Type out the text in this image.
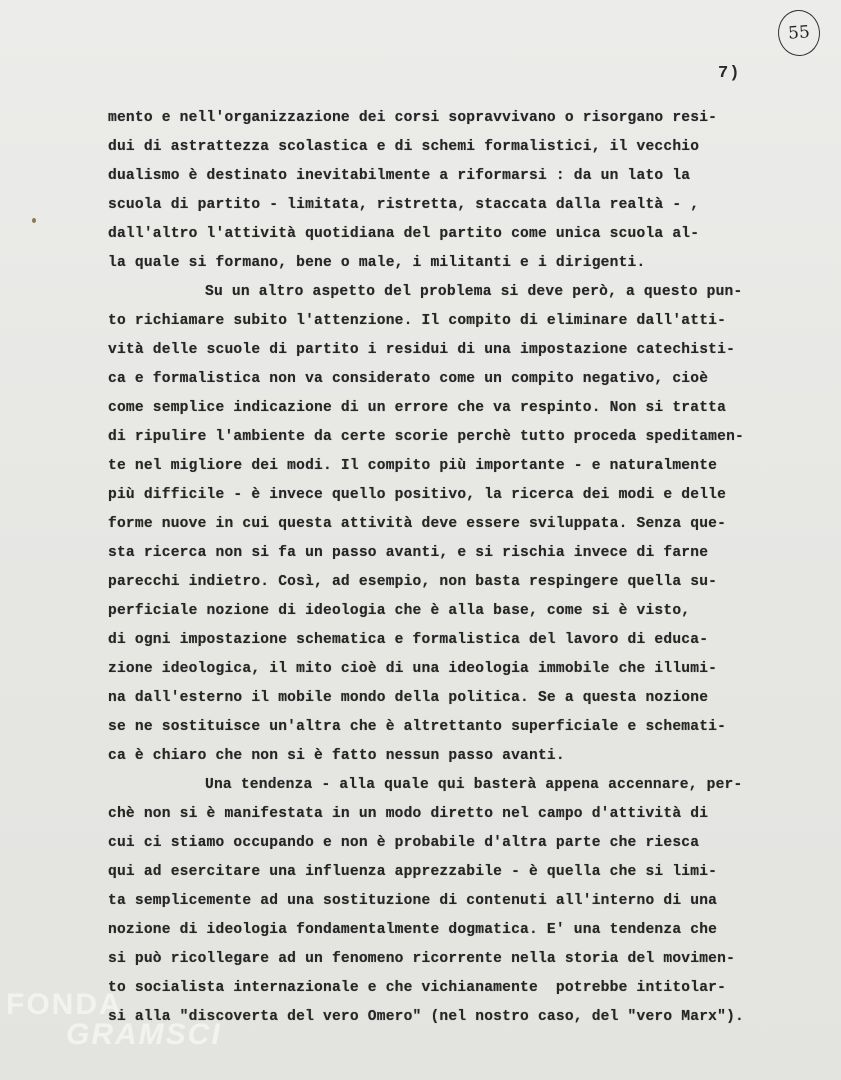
55
7)
mento e nell'organizzazione dei corsi sopravvivano o risorgano resi-
dui di astrattezza scolastica e di schemi formalistici, il vecchio
dualismo è destinato inevitabilmente a riformarsi : da un lato la
scuola di partito - limitata, ristretta, staccata dalla realtà - ,
dall'altro l'attività quotidiana del partito come unica scuola al-
la quale si formano, bene o male, i militanti e i dirigenti.
Su un altro aspetto del problema si deve però, a questo pun-
to richiamare subito l'attenzione. Il compito di eliminare dall'atti-
vità delle scuole di partito i residui di una impostazione catechisti-
ca e formalistica non va considerato come un compito negativo, cioè
come semplice indicazione di un errore che va respinto. Non si tratta
di ripulire l'ambiente da certe scorie perchè tutto proceda speditamen-
te nel migliore dei modi. Il compito più importante - e naturalmente
più difficile - è invece quello positivo, la ricerca dei modi e delle
forme nuove in cui questa attività deve essere sviluppata. Senza que-
sta ricerca non si fa un passo avanti, e si rischia invece di farne
parecchi indietro. Così, ad esempio, non basta respingere quella su-
perficiale nozione di ideologia che è alla base, come si è visto,
di ogni impostazione schematica e formalistica del lavoro di educa-
zione ideologica, il mito cioè di una ideologia immobile che illumi-
na dall'esterno il mobile mondo della politica. Se a questa nozione
se ne sostituisce un'altra che è altrettanto superficiale e schemati-
ca è chiaro che non si è fatto nessun passo avanti.
Una tendenza - alla quale qui basterà appena accennare, per-
chè non si è manifestata in un modo diretto nel campo d'attività di
cui ci stiamo occupando e non è probabile d'altra parte che riesca
qui ad esercitare una influenza apprezzabile - è quella che si limi-
ta semplicemente ad una sostituzione di contenuti all'interno di una
nozione di ideologia fondamentalmente dogmatica. E' una tendenza che
si può ricollegare ad un fenomeno ricorrente nella storia del movimen-
to socialista internazionale e che vichianamente  potrebbe intitolar-
si alla "discoverta del vero Omero" (nel nostro caso, del "vero Marx").
FONDA
GRAMSCI
